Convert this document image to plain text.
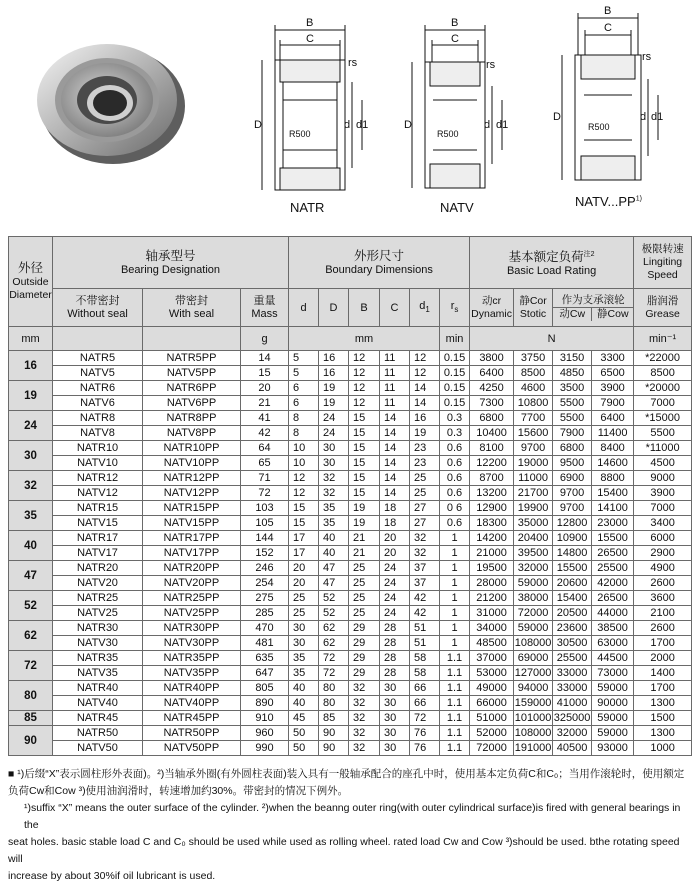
B
C
D	d d1
rs
R500
B
C
D	d d1
rs
R500
B
C
D	d d1
rs
R500
NATR	NATV	NATV...PP$^{1)}$
外径
Outside
Diameter	轴承型号
Bearing Designation			外形尺寸
Boundary Dimensions						基本额定负荷$^{注2}$
Basic Load Rating				极限转速
Lingiting
Speed

	不带密封
Without seal	带密封
With seal	重量
Mass	d	D	B	C	$d_1$	$r_s$	动cr
Dynamic	静Cor
Stotic	作为支承滚轮
动Cw 静Cow		脂润滑
Grease

mm			g	mm					min	N				min⁻¹
16	NATR5	NATR5PP	14	5	16	12	11	12	0.15	3800	3750	3150	3300	*22000
	NATV5	NATV5PP	15	5	16	12	11	12	0.15	6400	8500	4850	6500	8500
19	NATR6	NATR6PP	20	6	19	12	11	14	0.15	4250	4600	3500	3900	*20000
	NATV6	NATV6PP	21	6	19	12	11	14	0.15	7300	10800	5500	7900	7000
24	NATR8	NATR8PP	41	8	24	15	14	16	0.3	6800	7700	5500	6400	*15000
	NATV8	NATV8PP	42	8	24	15	14	19	0.3	10400	15600	7900	11400	5500
30	NATR10	NATR10PP	64	10	30	15	14	23	0.6	8100	9700	6800	8400	*11000
	NATV10	NATV10PP	65	10	30	15	14	23	0.6	12200	19000	9500	14600	4500
32	NATR12	NATR12PP	71	12	32	15	14	25	0.6	8700	11000	6900	8800	9000
	NATV12	NATV12PP	72	12	32	15	14	25	0.6	13200	21700	9700	15400	3900
35	NATR15	NATR15PP	103	15	35	19	18	27	0 6	12900	19900	9700	14100	7000
	NATV15	NATV15PP	105	15	35	19	18	27	0.6	18300	35000	12800	23000	3400
40	NATR17	NATR17PP	144	17	40	21	20	32	1	14200	20400	10900	15500	6000
	NATV17	NATV17PP	152	17	40	21	20	32	1	21000	39500	14800	26500	2900
47	NATR20	NATR20PP	246	20	47	25	24	37	1	19500	32000	15500	25500	4900
	NATV20	NATV20PP	254	20	47	25	24	37	1	28000	59000	20600	42000	2600
52	NATR25	NATR25PP	275	25	52	25	24	42	1	21200	38000	15400	26500	3600
	NATV25	NATV25PP	285	25	52	25	24	42	1	31000	72000	20500	44000	2100
62	NATR30	NATR30PP	470	30	62	29	28	51	1	34000	59000	23600	38500	2600
	NATV30	NATV30PP	481	30	62	29	28	51	1	48500	108000	30500	63000	1700
72	NATR35	NATR35PP	635	35	72	29	28	58	1.1	37000	69000	25500	44500	2000
	NATV35	NATV35PP	647	35	72	29	28	58	1.1	53000	127000	33000	73000	1400
80	NATR40	NATR40PP	805	40	80	32	30	66	1.1	49000	94000	33000	59000	1700
	NATV40	NATV40PP	890	40	80	32	30	66	1.1	66000	159000	41000	90000	1300
85	NATR45	NATR45PP	910	45	85	32	30	72	1.1	51000	101000	325000	59000	1500
90	NATR50	NATR50PP	960	50	90	32	30	76	1.1	52000	108000	32000	59000	1300
	NATV50	NATV50PP	990	50	90	32	30	76	1.1	72000	191000	40500	93000	1000

■ ¹)后缀“X”表示圆柱形外表面)。²)当轴承外圈(有外圆柱表面)装入具有一般轴承配合的座孔中时，使用基本定负荷C和C₀；当用作滚轮时，使用额定负荷Cw和Cow ³)使用油润滑时，转速增加约30%。带密封的情况下例外。

¹)suffix “X” means the outer surface of the cylinder. ²)when the beanng outer ring(with outer cylindrical surface)is fired with general bearings in the

seat holes. basic stable load C and C₀ should be used while used as rolling wheel. rated load Cw and Cow ³)should be used. bthe rotating speed will

increase by about 30%if oil lubricant is used.
